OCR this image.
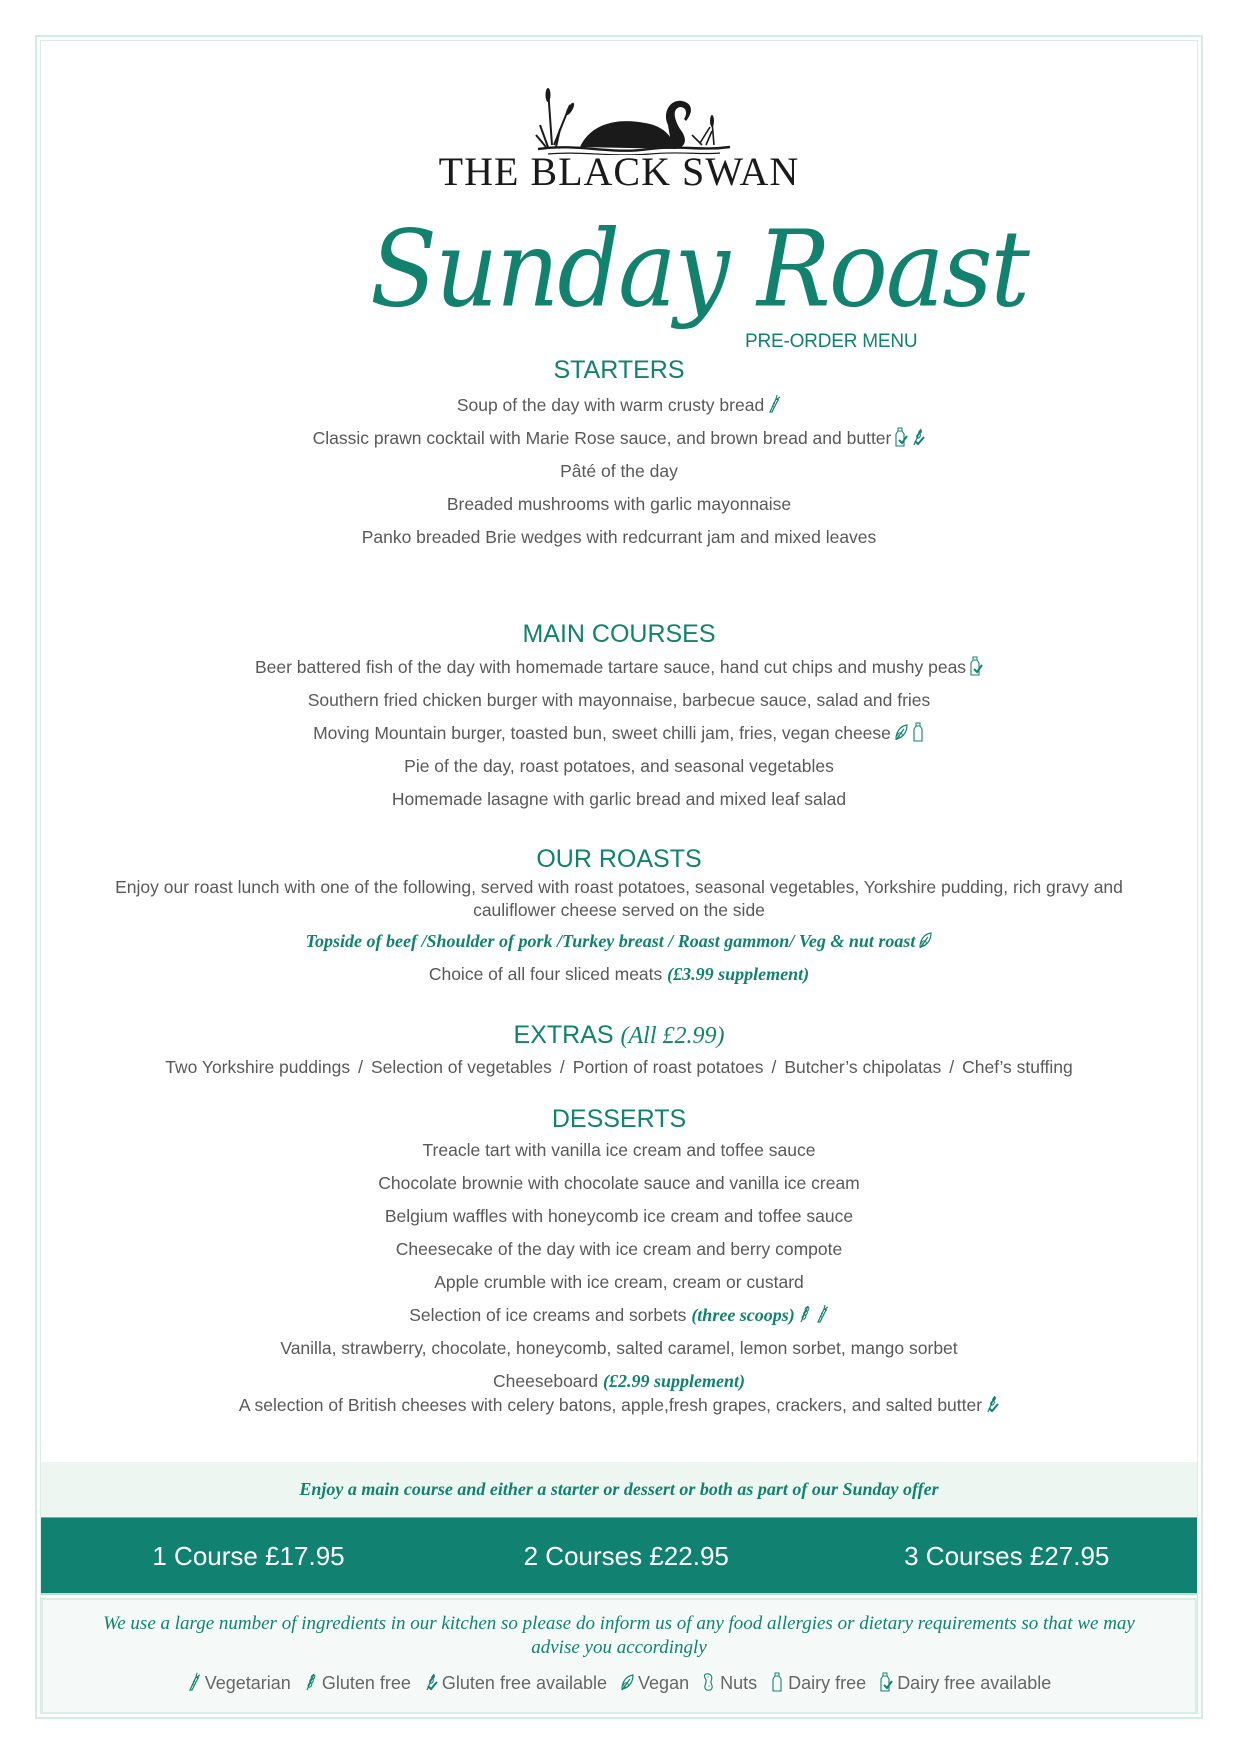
THE BLACK SWAN
Sunday Roast
PRE-ORDER MENU
STARTERS
Soup of the day with warm crusty bread
Classic prawn cocktail with Marie Rose sauce, and brown bread and butter
Pâté of the day
Breaded mushrooms with garlic mayonnaise
Panko breaded Brie wedges with redcurrant jam and mixed leaves
MAIN COURSES
Beer battered fish of the day with homemade tartare sauce, hand cut chips and mushy peas
Southern fried chicken burger with mayonnaise, barbecue sauce, salad and fries
Moving Mountain burger, toasted bun, sweet chilli jam, fries, vegan cheese
Pie of the day, roast potatoes, and seasonal vegetables
Homemade lasagne with garlic bread and mixed leaf salad
OUR ROASTS
Enjoy our roast lunch with one of the following, served with roast potatoes, seasonal vegetables, Yorkshire pudding, rich gravy and cauliflower cheese served on the side
Topside of beef /Shoulder of pork /Turkey breast / Roast gammon/ Veg & nut roast
Choice of all four sliced meats (£3.99 supplement)
EXTRAS (All £2.99)
Two Yorkshire puddings / Selection of vegetables / Portion of roast potatoes / Butcher’s chipolatas / Chef’s stuffing
DESSERTS
Treacle tart with vanilla ice cream and toffee sauce
Chocolate brownie with chocolate sauce and vanilla ice cream
Belgium waffles with honeycomb ice cream and toffee sauce
Cheesecake of the day with ice cream and berry compote
Apple crumble with ice cream, cream or custard
Selection of ice creams and sorbets (three scoops)
Vanilla, strawberry, chocolate, honeycomb, salted caramel, lemon sorbet, mango sorbet
Cheeseboard (£2.99 supplement)
A selection of British cheeses with celery batons, apple,fresh grapes, crackers, and salted butter
Enjoy a main course and either a starter or dessert or both as part of our Sunday offer
1 Course £17.95	2 Courses £22.95	3 Courses £27.95
We use a large number of ingredients in our kitchen so please do inform us of any food allergies or dietary requirements so that we may advise you accordingly
Vegetarian Gluten free Gluten free available Vegan Nuts Dairy free Dairy free available
